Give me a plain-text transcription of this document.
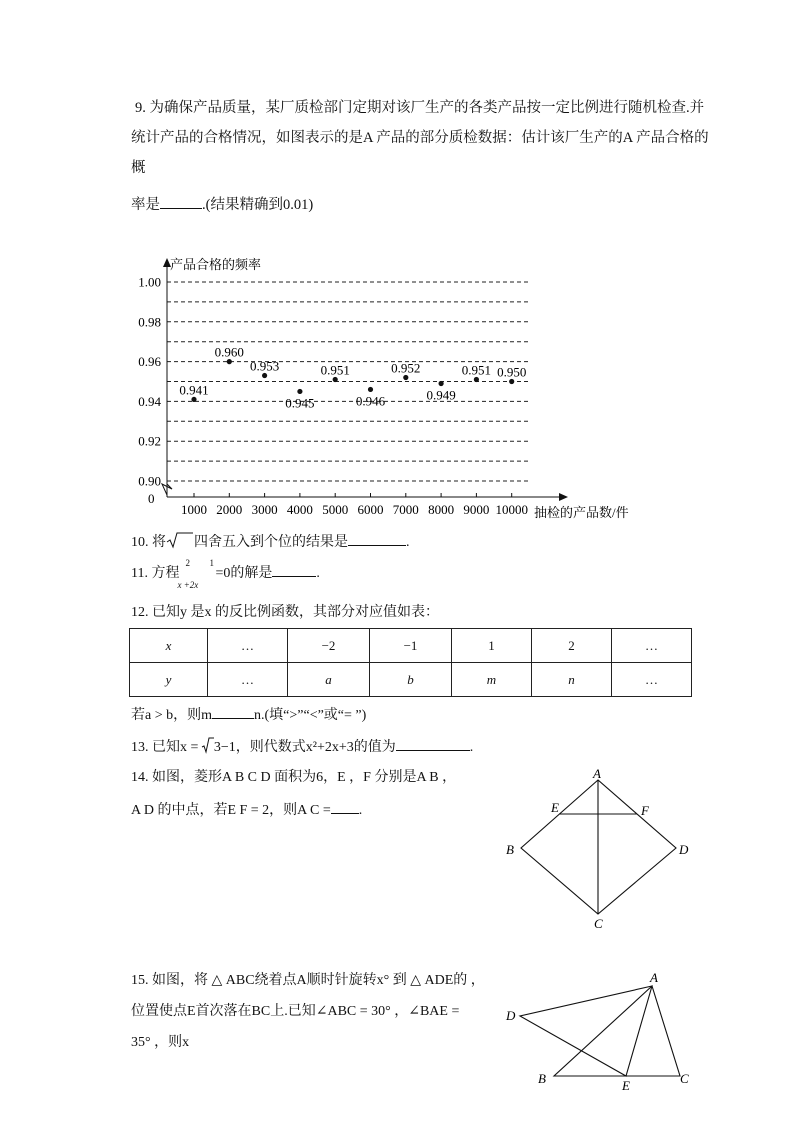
9. 为确保产品质量，某厂质检部门定期对该厂生产的各类产品按一定比例进行随机检查.并
统计产品的合格情况，如图表示的是A 产品的部分质检数据：估计该厂生产的A 产品合格的
概
率是	.(结果精确到0.01)
0.90
0.92
0.94
0.96
0.98
1.00
1000 2000 3000 4000 5000 6000 7000 8000 9000 10000
0.941
0.960
0.953
0.945
0.951
0.946
0.952
0.949
0.951 0.950
产品合格的频率
抽检的产品数/件
0
10. 将 四舍五入到个位的结果是	.
11. 方程
2 1
x +2x
=0的解是	.
12. 已知y 是x 的反比例函数，其部分对应值如表：
x	…	−2	−1	1	2	…
y	…	a	b	m	n	…
若a > b，则m	n.(填“>”“<”或“= ”)
13. 已知x = 3−1，则代数式x²+2x+3的值为	.
14. 如图，菱形A B C D 面积为6，E ，F 分别是A B ，
A D 的中点，若E F = 2，则A C = .
A
B
C
D
E	F
15. 如图，将 △ ABC绕着点A顺时针旋转x° 到 △ ADE的 ，
位置使点E首次落在BC上.已知∠ABC = 30° ，∠BAE =
35° ，则x
A
B	C
D
E
